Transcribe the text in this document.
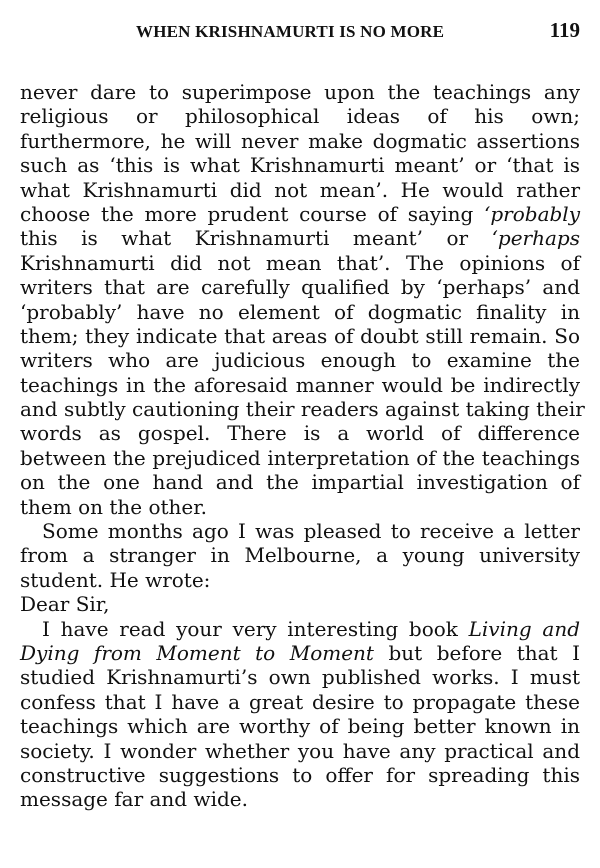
WHEN KRISHNAMURTI IS NO MORE	119
never dare to superimpose upon the teachings any
religious or philosophical ideas of his own;
furthermore, he will never make dogmatic assertions
such as ‘this is what Krishnamurti meant’ or ‘that is
what Krishnamurti did not mean’. He would rather
choose the more prudent course of saying ‘probably
this is what Krishnamurti meant’ or ‘perhaps
Krishnamurti did not mean that’. The opinions of
writers that are carefully qualified by ‘perhaps’ and
‘probably’ have no element of dogmatic finality in
them; they indicate that areas of doubt still remain. So
writers who are judicious enough to examine the
teachings in the aforesaid manner would be indirectly
and subtly cautioning their readers against taking their
words as gospel. There is a world of difference
between the prejudiced interpretation of the teachings
on the one hand and the impartial investigation of
them on the other.
Some months ago I was pleased to receive a letter
from a stranger in Melbourne, a young university
student. He wrote:
Dear Sir,
I have read your very interesting book Living and
Dying from Moment to Moment but before that I
studied Krishnamurti’s own published works. I must
confess that I have a great desire to propagate these
teachings which are worthy of being better known in
society. I wonder whether you have any practical and
constructive suggestions to offer for spreading this
message far and wide.
